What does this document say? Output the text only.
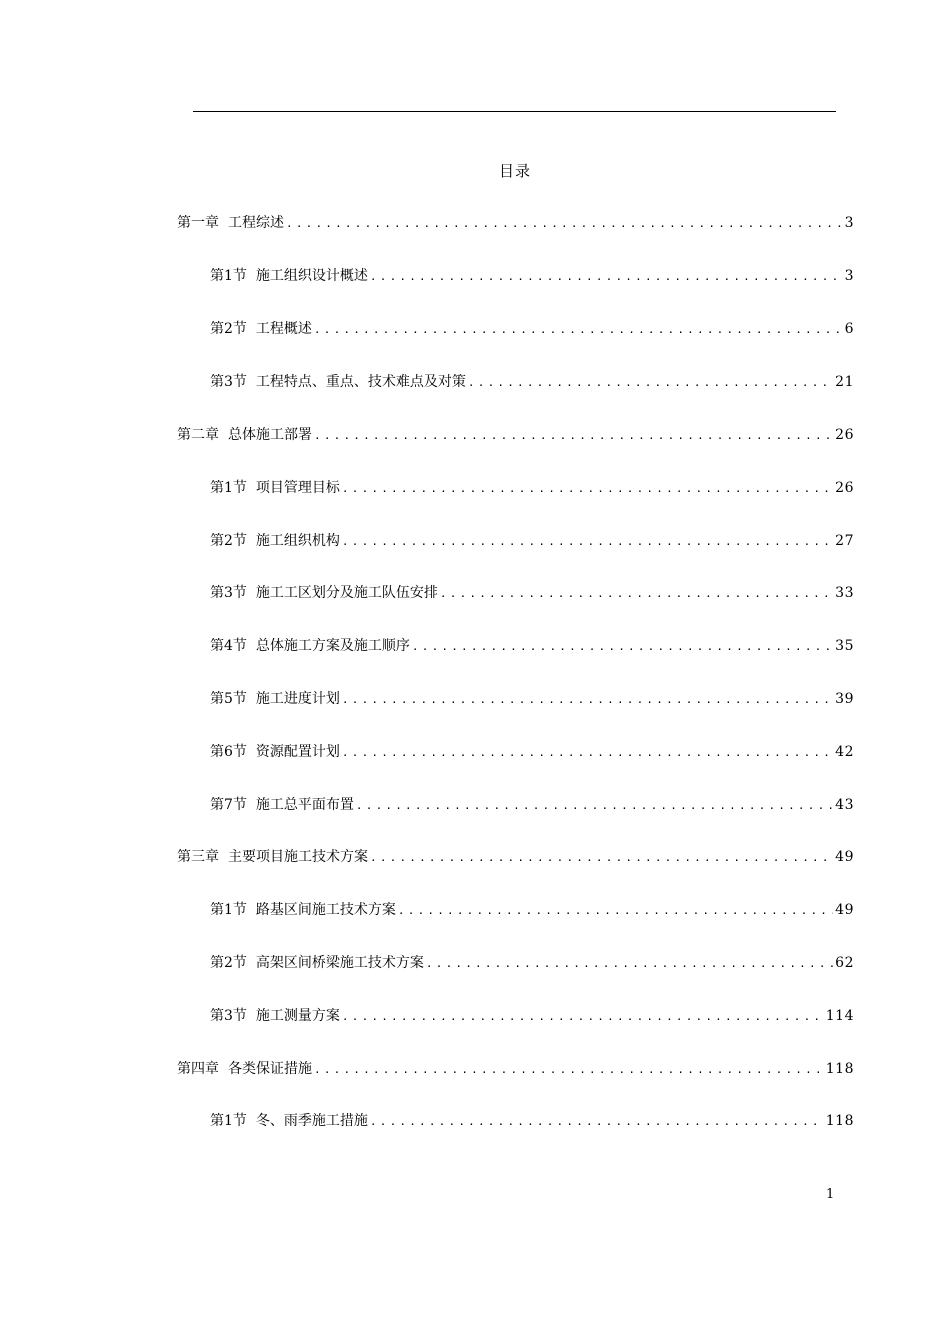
目录
第一章 工程综述 .....	3
第1节 施工组织设计概述 .....	3
第2节 工程概述 .....	6
第3节 工程特点、重点、技术难点及对策 .....	21
第二章 总体施工部署 .....	26
第1节 项目管理目标 .....	26
第2节 施工组织机构 .....	27
第3节 施工工区划分及施工队伍安排 .....	33
第4节 总体施工方案及施工顺序 .....	35
第5节 施工进度计划 .....	39
第6节 资源配置计划 .....	42
第7节 施工总平面布置 .....	43
第三章 主要项目施工技术方案 .....	49
第1节 路基区间施工技术方案 .....	49
第2节 高架区间桥梁施工技术方案 .....	62
第3节 施工测量方案 .....	114
第四章 各类保证措施 .....	118
第1节 冬、雨季施工措施 .....	118
1
